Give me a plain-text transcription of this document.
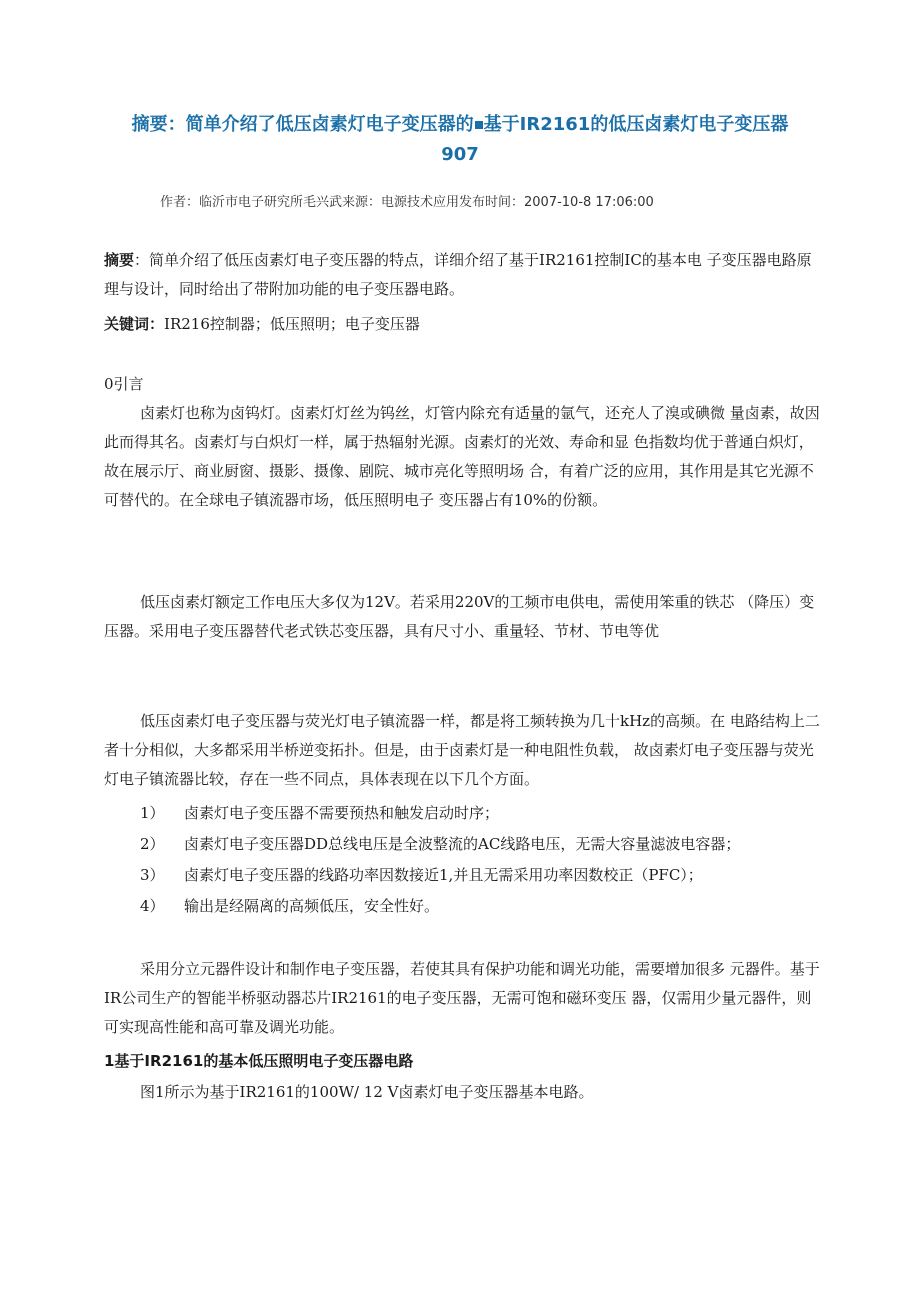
摘要：简单介绍了低压卤素灯电子变压器的 基于IR2161的低压卤素灯电子变压器
907
作者：临沂市电子研究所毛兴武来源：电源技术应用发布时间：2007-10-8 17:06:00
摘要：简单介绍了低压卤素灯电子变压器的特点，详细介绍了基于IR2161控制IC的基本电 子变压器电路原理与设计，同时给出了带附加功能的电子变压器电路。
关键词：IR216控制器；低压照明；电子变压器
0引言
卤素灯也称为卤钨灯。卤素灯灯丝为钨丝，灯管内除充有适量的氩气，还充人了溴或碘微 量卤素，故因此而得其名。卤素灯与白炽灯一样，属于热辐射光源。卤素灯的光效、寿命和显 色指数均优于普通白炽灯，故在展示厅、商业厨窗、摄影、摄像、剧院、城市亮化等照明场 合，有着广泛的应用，其作用是其它光源不可替代的。在全球电子镇流器市场，低压照明电子 变压器占有10%的份额。
低压卤素灯额定工作电压大多仅为12V。若采用220V的工频市电供电，需使用笨重的铁芯 （降压）变压器。采用电子变压器替代老式铁芯变压器，具有尺寸小、重量轻、节材、节电等优
低压卤素灯电子变压器与荧光灯电子镇流器一样，都是将工频转换为几十kHz的高频。在 电路结构上二者十分相似，大多都采用半桥逆变拓扑。但是，由于卤素灯是一种电阻性负载， 故卤素灯电子变压器与荧光灯电子镇流器比较，存在一些不同点，具体表现在以下几个方面。
1） 卤素灯电子变压器不需要预热和触发启动时序；
2） 卤素灯电子变压器DD总线电压是全波整流的AC线路电压，无需大容量滤波电容器；
3） 卤素灯电子变压器的线路功率因数接近1,并且无需采用功率因数校正（PFC）；
4） 输出是经隔离的高频低压，安全性好。
采用分立元器件设计和制作电子变压器，若使其具有保护功能和调光功能，需要增加很多 元器件。基于IR公司生产的智能半桥驱动器芯片IR2161的电子变压器，无需可饱和磁环变压 器，仅需用少量元器件，则可实现高性能和高可靠及调光功能。
1基于IR2161的基本低压照明电子变压器电路
图1所示为基于IR2161的100W/ 12 V卤素灯电子变压器基本电路。
